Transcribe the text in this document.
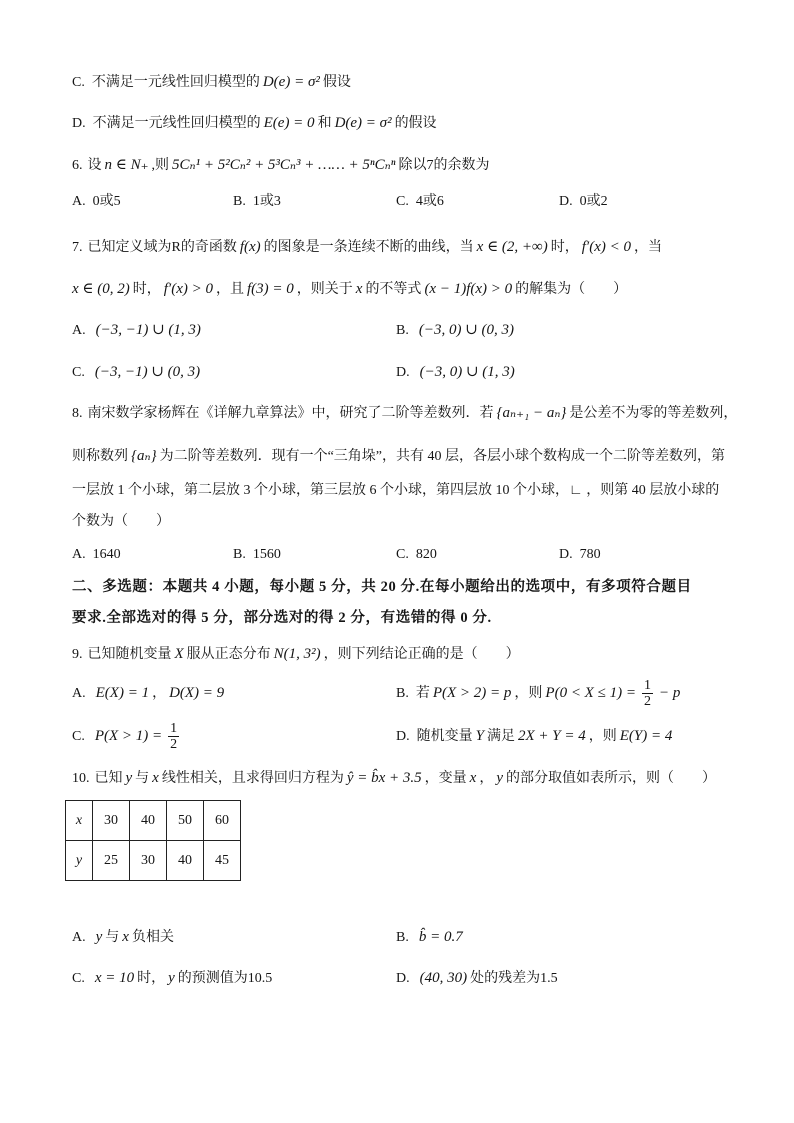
C. 不满足一元线性回归模型的 D(e) = σ² 假设
D. 不满足一元线性回归模型的 E(e) = 0 和 D(e) = σ² 的假设
6. 设 n ∈ N₊ ,则 5Cₙ¹ + 5²Cₙ² + 5³Cₙ³ + …… + 5ⁿCₙⁿ 除以7的余数为
A. 0或5	B. 1或3	C. 4或6	D. 0或2
7. 已知定义域为R的奇函数 f(x) 的图象是一条连续不断的曲线，当 x ∈ (2, +∞) 时， f′(x) < 0 ，当
x ∈ (0, 2) 时， f′(x) > 0 ，且 f(3) = 0 ，则关于 x 的不等式 (x − 1)f(x) > 0 的解集为（　　）
A. (−3, −1) ∪ (1, 3)	B. (−3, 0) ∪ (0, 3)
C. (−3, −1) ∪ (0, 3)	D. (−3, 0) ∪ (1, 3)
8. 南宋数学家杨辉在《详解九章算法》中，研究了二阶等差数列．若 {aₙ₊₁ − aₙ} 是公差不为零的等差数列，
则称数列 {aₙ} 为二阶等差数列．现有一个“三角垛”，共有 40 层，各层小球个数构成一个二阶等差数列，第
一层放 1 个小球，第二层放 3 个小球，第三层放 6 个小球，第四层放 10 个小球，∟ ，则第 40 层放小球的
个数为（　　）
A. 1640	B. 1560	C. 820	D. 780
二、多选题：本题共 4 小题，每小题 5 分，共 20 分.在每小题给出的选项中，有多项符合题目
要求.全部选对的得 5 分，部分选对的得 2 分，有选错的得 0 分.
9. 已知随机变量 X 服从正态分布 N(1, 3²) ，则下列结论正确的是（　　）
A. E(X) = 1 ， D(X) = 9	B. 若 P(X > 2) = p ，则 $P(0 < X \le 1) = \frac{1}{2} - p$
C. $P(X > 1) = \frac{1}{2}$	D. 随机变量 Y 满足 2X + Y = 4 ，则 E(Y) = 4
10. 已知 y 与 x 线性相关，且求得回归方程为 ŷ = b̂x + 3.5 ，变量 x ， y 的部分取值如表所示，则（　　）
x	30	40	50	60
y	25	30	40	45
A. y 与 x 负相关	B. b̂ = 0.7
C. x = 10 时， y 的预测值为10.5	D. (40, 30) 处的残差为1.5
